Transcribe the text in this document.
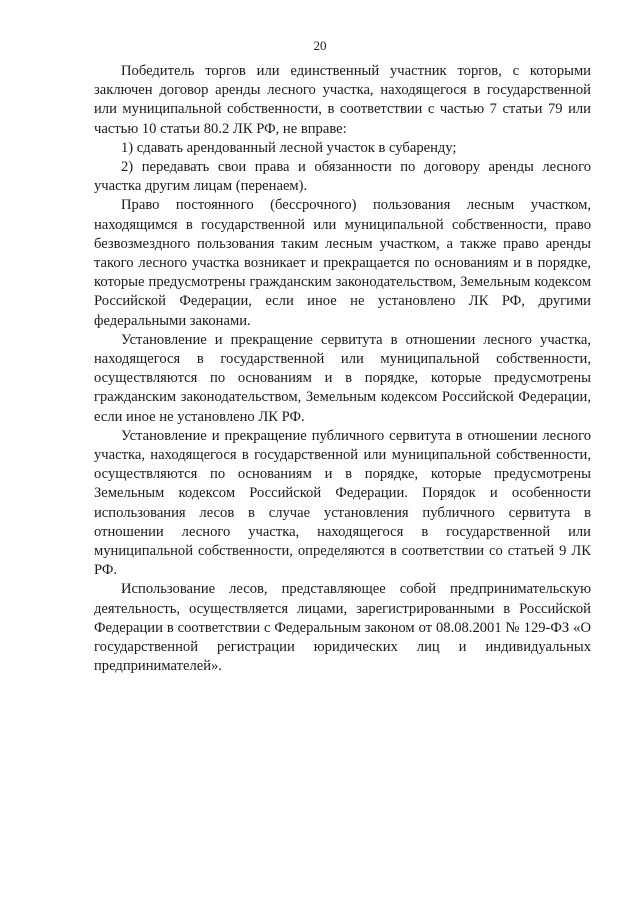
20

Победитель торгов или единственный участник торгов, с которыми заключен договор аренды лесного участка, находящегося в государственной или муниципальной собственности, в соответствии с частью 7 статьи 79 или частью 10 статьи 80.2 ЛК РФ, не вправе:

1) сдавать арендованный лесной участок в субаренду;

2) передавать свои права и обязанности по договору аренды лесного участка другим лицам (перенаем).

Право постоянного (бессрочного) пользования лесным участком, находящимся в государственной или муниципальной собственности, право безвозмездного пользования таким лесным участком, а также право аренды такого лесного участка возникает и прекращается по основаниям и в порядке, которые предусмотрены гражданским законодательством, Земельным кодексом Российской Федерации, если иное не установлено ЛК РФ, другими федеральными законами.

Установление и прекращение сервитута в отношении лесного участка, находящегося в государственной или муниципальной собственности, осуществляются по основаниям и в порядке, которые предусмотрены гражданским законодательством, Земельным кодексом Российской Федерации, если иное не установлено ЛК РФ.

Установление и прекращение публичного сервитута в отношении лесного участка, находящегося в государственной или муниципальной собственности, осуществляются по основаниям и в порядке, которые предусмотрены Земельным кодексом Российской Федерации. Порядок и особенности использования лесов в случае установления публичного сервитута в отношении лесного участка, находящегося в государственной или муниципальной собственности, определяются в соответствии со статьей 9 ЛК РФ.

Использование лесов, представляющее собой предпринимательскую деятельность, осуществляется лицами, зарегистрированными в Российской Федерации в соответствии с Федеральным законом от 08.08.2001 № 129-ФЗ «О государственной регистрации юридических лиц и индивидуальных предпринимателей».
